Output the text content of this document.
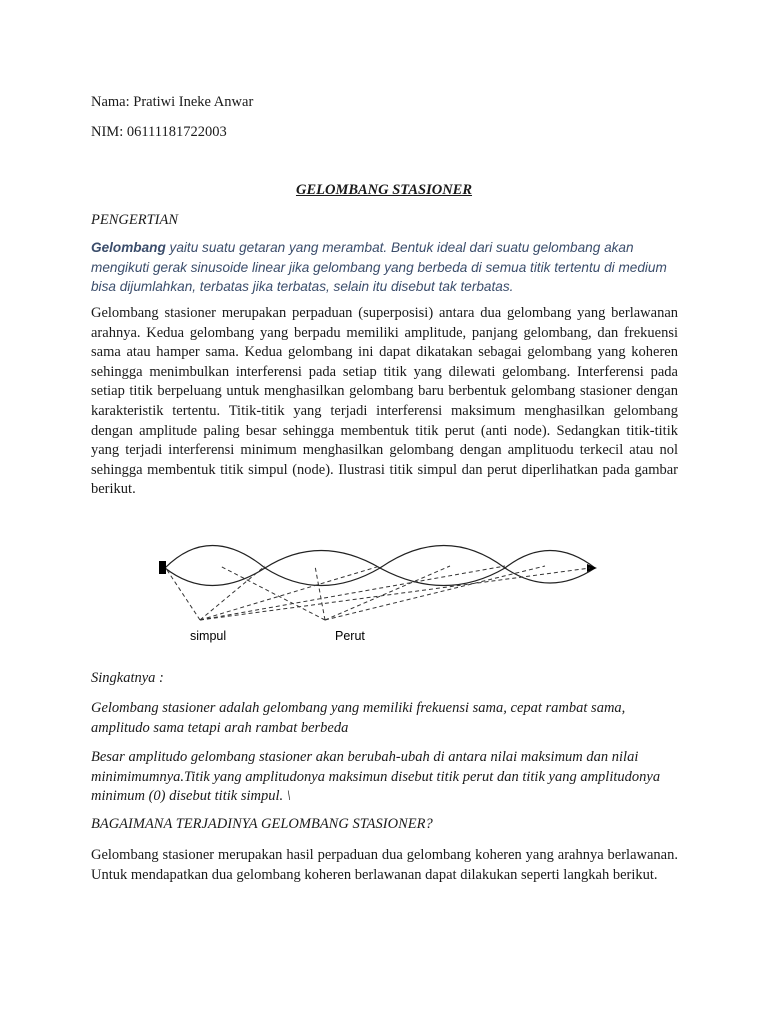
Nama: Pratiwi Ineke Anwar
NIM: 06111181722003
GELOMBANG STASIONER
PENGERTIAN
Gelombang yaitu suatu getaran yang merambat. Bentuk ideal dari suatu gelombang akan mengikuti gerak sinusoide linear jika gelombang yang berbeda di semua titik tertentu di medium bisa dijumlahkan, terbatas jika terbatas, selain itu disebut tak terbatas.
Gelombang stasioner merupakan perpaduan (superposisi) antara dua gelombang yang berlawanan arahnya. Kedua gelombang yang berpadu memiliki amplitude, panjang gelombang, dan frekuensi sama atau hamper sama. Kedua gelombang ini dapat dikatakan sebagai gelombang yang koheren sehingga menimbulkan interferensi pada setiap titik yang dilewati gelombang. Interferensi pada setiap titik berpeluang untuk menghasilkan gelombang baru berbentuk gelombang stasioner dengan karakteristik tertentu. Titik-titik yang terjadi interferensi maksimum menghasilkan gelombang dengan amplitude paling besar sehingga membentuk titik perut (anti node). Sedangkan titik-titik yang terjadi interferensi minimum menghasilkan gelombang dengan amplituodu terkecil atau nol sehingga membentuk titik simpul (node). Ilustrasi titik simpul dan perut diperlihatkan pada gambar berikut.
simpul	Perut
Singkatnya :
Gelombang stasioner adalah gelombang yang memiliki frekuensi sama, cepat rambat sama, amplitudo sama tetapi arah rambat berbeda
Besar amplitudo gelombang stasioner akan berubah-ubah di antara nilai maksimum dan nilai minimimumnya.Titik yang amplitudonya maksimun disebut titik perut dan titik yang amplitudonya minimum (0) disebut titik simpul. \
BAGAIMANA TERJADINYA GELOMBANG STASIONER?
Gelombang stasioner merupakan hasil perpaduan dua gelombang koheren yang arahnya berlawanan. Untuk mendapatkan dua gelombang koheren berlawanan dapat dilakukan seperti langkah berikut.
